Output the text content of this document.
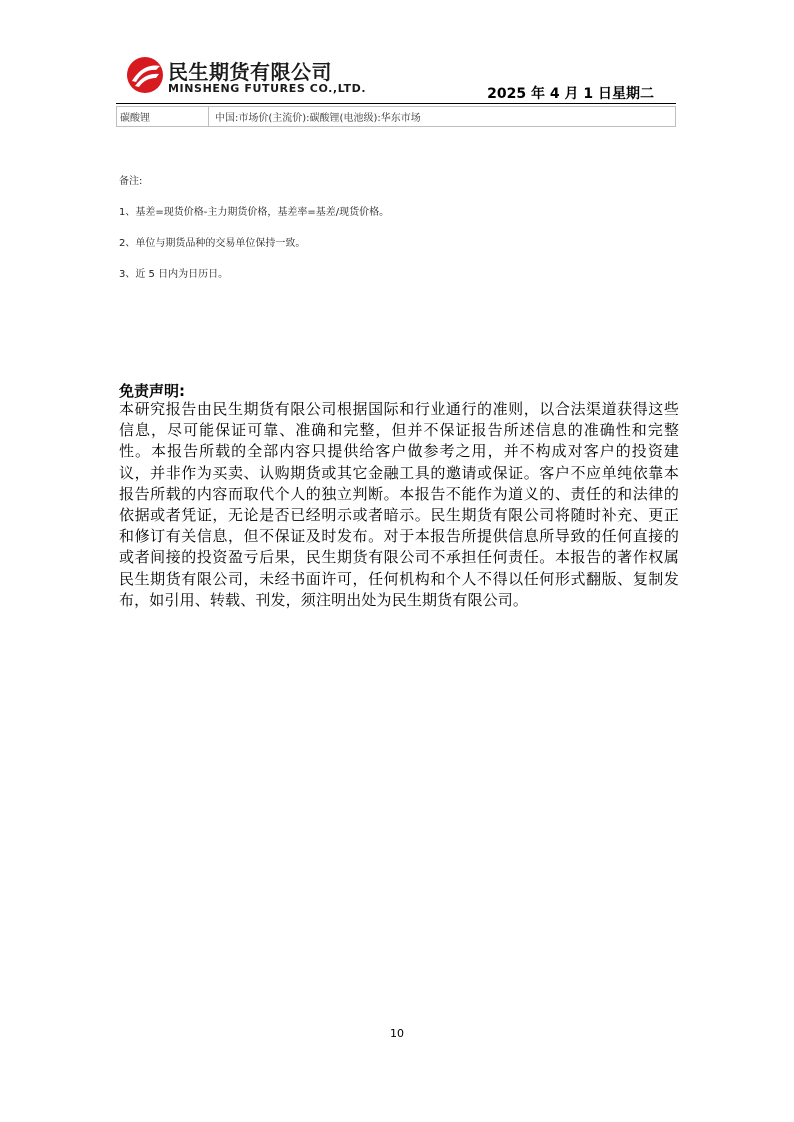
民生期货有限公司
MINSHENG FUTURES CO.,LTD.	2025 年 4 月 1 日星期二
碳酸锂	中国:市场价(主流价):碳酸锂(电池级):华东市场
备注:
1、基差=现货价格-主力期货价格，基差率=基差/现货价格。
2、单位与期货品种的交易单位保持一致。
3、近 5 日内为日历日。
免责声明:
本研究报告由民生期货有限公司根据国际和行业通行的准则，以合法渠道获得这些信息，尽可能保证可靠、准确和完整，但并不保证报告所述信息的准确性和完整性。本报告所载的全部内容只提供给客户做参考之用，并不构成对客户的投资建议，并非作为买卖、认购期货或其它金融工具的邀请或保证。客户不应单纯依靠本报告所载的内容而取代个人的独立判断。本报告不能作为道义的、责任的和法律的依据或者凭证，无论是否已经明示或者暗示。民生期货有限公司将随时补充、更正和修订有关信息，但不保证及时发布。对于本报告所提供信息所导致的任何直接的或者间接的投资盈亏后果，民生期货有限公司不承担任何责任。本报告的著作权属民生期货有限公司，未经书面许可，任何机构和个人不得以任何形式翻版、复制发布，如引用、转载、刊发，须注明出处为民生期货有限公司。
10
